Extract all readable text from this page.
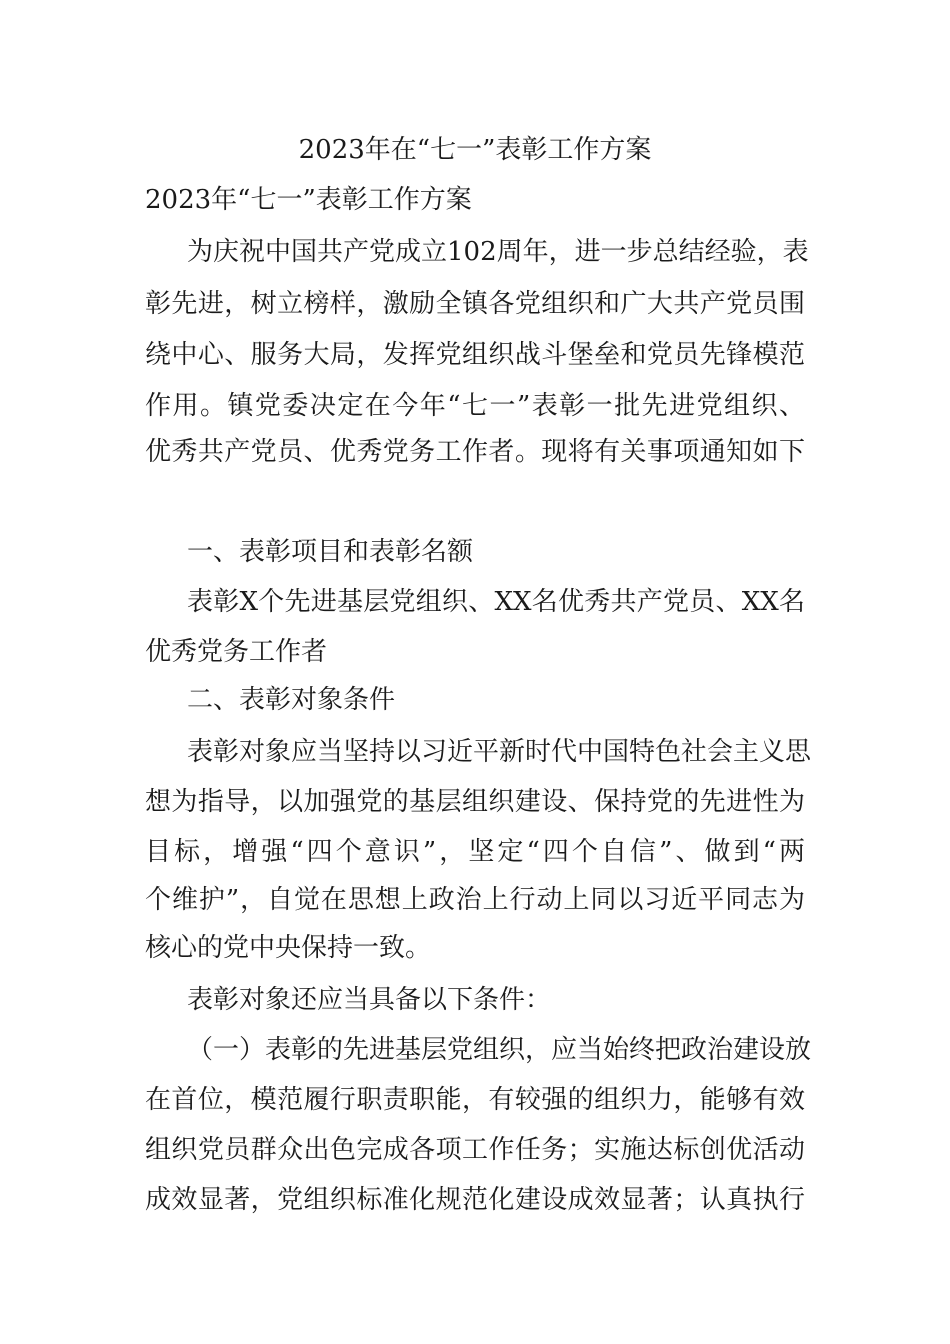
2023年在“七一”表彰工作方案
2023年“七一”表彰工作方案
为庆祝中国共产党成立102周年，进一步总结经验，表
彰先进，树立榜样，激励全镇各党组织和广大共产党员围
绕中心、服务大局，发挥党组织战斗堡垒和党员先锋模范
作用。镇党委决定在今年“七一”表彰一批先进党组织、
优秀共产党员、优秀党务工作者。现将有关事项通知如下
一、表彰项目和表彰名额
表彰X个先进基层党组织、XX名优秀共产党员、XX名
优秀党务工作者
二、表彰对象条件
表彰对象应当坚持以习近平新时代中国特色社会主义思
想为指导，以加强党的基层组织建设、保持党的先进性为
目标，增强“四个意识”，坚定“四个自信”、做到“两
个维护”，自觉在思想上政治上行动上同以习近平同志为
核心的党中央保持一致。
表彰对象还应当具备以下条件：
（一）表彰的先进基层党组织，应当始终把政治建设放
在首位，模范履行职责职能，有较强的组织力，能够有效
组织党员群众出色完成各项工作任务；实施达标创优活动
成效显著，党组织标准化规范化建设成效显著；认真执行
